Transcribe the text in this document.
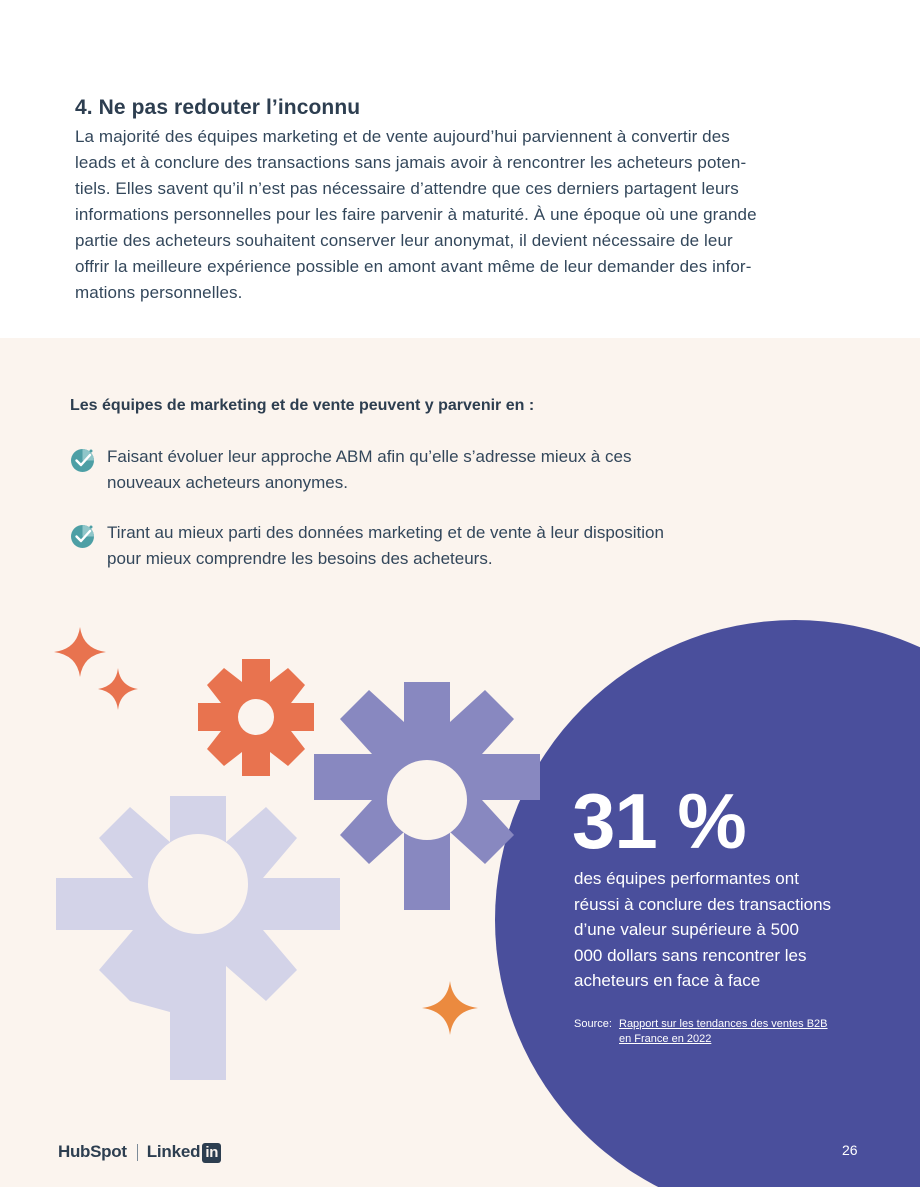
4. Ne pas redouter l’inconnu

La majorité des équipes marketing et de vente aujourd’hui parviennent à convertir des
leads et à conclure des transactions sans jamais avoir à rencontrer les acheteurs poten-
tiels. Elles savent qu’il n’est pas nécessaire d’attendre que ces derniers partagent leurs
informations personnelles pour les faire parvenir à maturité. À une époque où une grande
partie des acheteurs souhaitent conserver leur anonymat, il devient nécessaire de leur
offrir la meilleure expérience possible en amont avant même de leur demander des infor-
mations personnelles.

Les équipes de marketing et de vente peuvent y parvenir en :

Faisant évoluer leur approche ABM afin qu’elle s’adresse mieux à ces
nouveaux acheteurs anonymes.
Tirant au mieux parti des données marketing et de vente à leur disposition
pour mieux comprendre les besoins des acheteurs.
31 %

des équipes performantes ont
réussi à conclure des transactions
d’une valeur supérieure à 500
000 dollars sans rencontrer les
acheteurs en face à face

Source: Rapport sur les tendances des ventes B2B
en France en 2022
HubSpot Linked in	26
